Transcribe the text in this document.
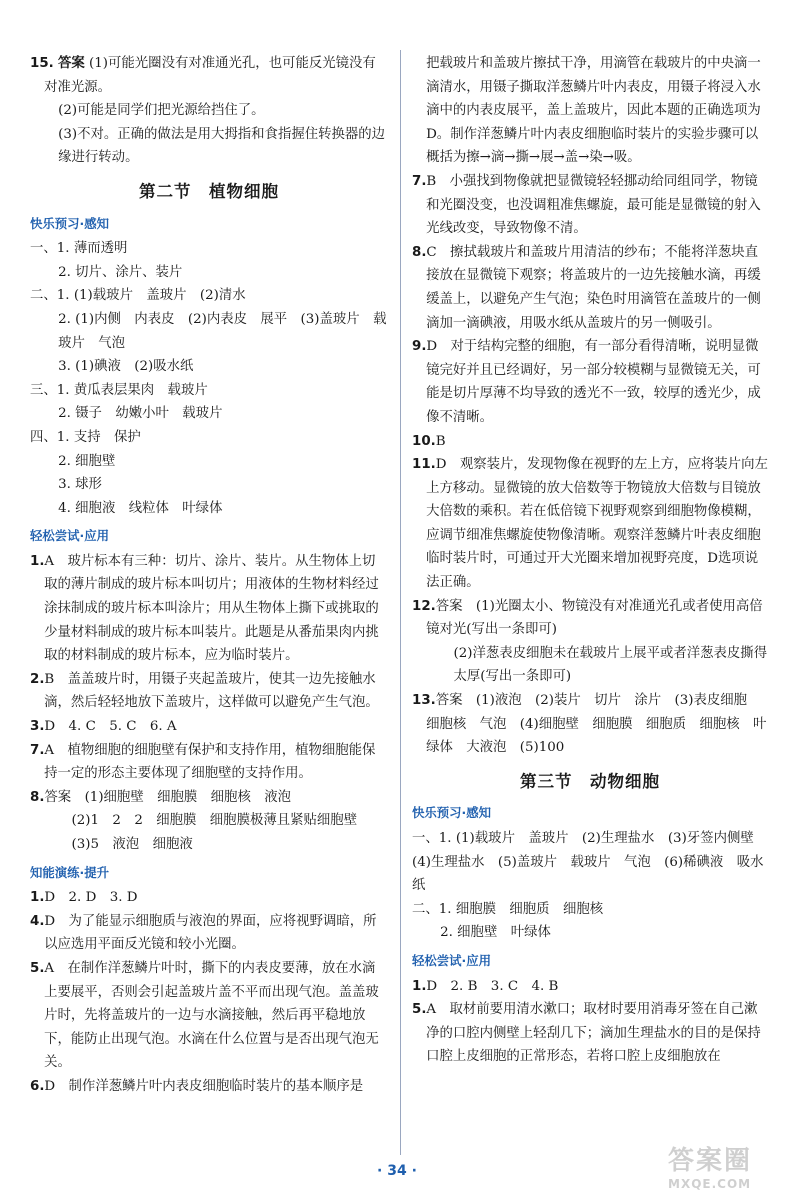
15. 答案 (1)可能光圈没有对准通光孔，也可能反光镜没有对准光源。

(2)可能是同学们把光源给挡住了。

(3)不对。正确的做法是用大拇指和食指握住转换器的边缘进行转动。

第二节　植物细胞
快乐预习·感知

一、1. 薄而透明

2. 切片、涂片、装片

二、1. (1)载玻片　盖玻片　(2)清水

2. (1)内侧　内表皮　(2)内表皮　展平　(3)盖玻片　载玻片　气泡

3. (1)碘液　(2)吸水纸

三、1. 黄瓜表层果肉　载玻片

2. 镊子　幼嫩小叶　载玻片

四、1. 支持　保护

2. 细胞壁

3. 球形

4. 细胞液　线粒体　叶绿体

轻松尝试·应用

1.A　玻片标本有三种：切片、涂片、装片。从生物体上切取的薄片制成的玻片标本叫切片；用液体的生物材料经过涂抹制成的玻片标本叫涂片；用从生物体上撕下或挑取的少量材料制成的玻片标本叫装片。此题是从番茄果肉内挑取的材料制成的玻片标本，应为临时装片。

2.B　盖盖玻片时，用镊子夹起盖玻片，使其一边先接触水滴，然后轻轻地放下盖玻片，这样做可以避免产生气泡。

3.D　4. C　5. C　6. A

7.A　植物细胞的细胞壁有保护和支持作用，植物细胞能保持一定的形态主要体现了细胞壁的支持作用。

8.答案　(1)细胞壁　细胞膜　细胞核　液泡

(2)1　2　2　细胞膜　细胞膜极薄且紧贴细胞壁

(3)5　液泡　细胞液

知能演练·提升

1.D　2. D　3. D

4.D　为了能显示细胞质与液泡的界面，应将视野调暗，所以应选用平面反光镜和较小光圈。

5.A　在制作洋葱鳞片叶时，撕下的内表皮要薄，放在水滴上要展平，否则会引起盖玻片盖不平而出现气泡。盖盖玻片时，先将盖玻片的一边与水滴接触，然后再平稳地放下，能防止出现气泡。水滴在什么位置与是否出现气泡无关。

6.D　制作洋葱鳞片叶内表皮细胞临时装片的基本顺序是

把载玻片和盖玻片擦拭干净，用滴管在载玻片的中央滴一滴清水，用镊子撕取洋葱鳞片叶内表皮，用镊子将浸入水滴中的内表皮展平，盖上盖玻片，因此本题的正确选项为D。制作洋葱鳞片叶内表皮细胞临时装片的实验步骤可以概括为擦→滴→撕→展→盖→染→吸。

7.B　小强找到物像就把显微镜轻轻挪动给同组同学，物镜和光圈没变，也没调粗准焦螺旋，最可能是显微镜的射入光线改变，导致物像不清。

8.C　擦拭载玻片和盖玻片用清洁的纱布；不能将洋葱块直接放在显微镜下观察；将盖玻片的一边先接触水滴，再缓缓盖上，以避免产生气泡；染色时用滴管在盖玻片的一侧滴加一滴碘液，用吸水纸从盖玻片的另一侧吸引。

9.D　对于结构完整的细胞，有一部分看得清晰，说明显微镜完好并且已经调好，另一部分较模糊与显微镜无关，可能是切片厚薄不均导致的透光不一致，较厚的透光少，成像不清晰。

10.B

11.D　观察装片，发现物像在视野的左上方，应将装片向左上方移动。显微镜的放大倍数等于物镜放大倍数与目镜放大倍数的乘积。若在低倍镜下视野观察到细胞物像模糊，应调节细准焦螺旋使物像清晰。观察洋葱鳞片叶表皮细胞临时装片时，可通过开大光圈来增加视野亮度，D选项说法正确。

12.答案　(1)光圈太小、物镜没有对准通光孔或者使用高倍镜对光(写出一条即可)

(2)洋葱表皮细胞未在载玻片上展平或者洋葱表皮撕得太厚(写出一条即可)

13.答案　(1)液泡　(2)装片　切片　涂片　(3)表皮细胞　细胞核　气泡　(4)细胞壁　细胞膜　细胞质　细胞核　叶绿体　大液泡　(5)100

第三节　动物细胞
快乐预习·感知

一、1. (1)载玻片　盖玻片　(2)生理盐水　(3)牙签内侧壁　(4)生理盐水　(5)盖玻片　载玻片　气泡　(6)稀碘液　吸水纸

二、1. 细胞膜　细胞质　细胞核

2. 细胞壁　叶绿体

轻松尝试·应用

1.D　2. B　3. C　4. B

5.A　取材前要用清水漱口；取材时要用消毒牙签在自己漱净的口腔内侧壁上轻刮几下；滴加生理盐水的目的是保持口腔上皮细胞的正常形态，若将口腔上皮细胞放在

· 34 ·	答案圈
MXQE.COM
